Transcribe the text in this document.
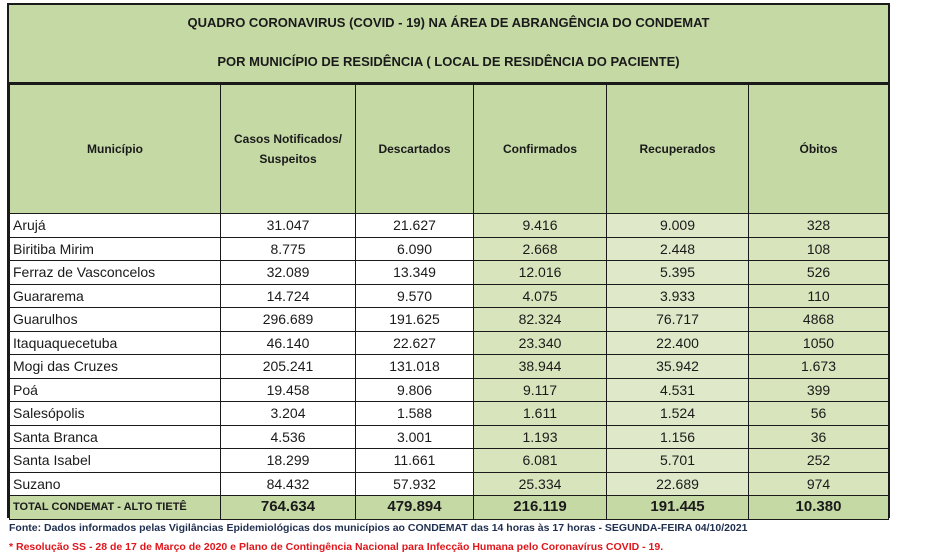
QUADRO CORONAVIRUS (COVID - 19) NA ÁREA DE ABRANGÊNCIA DO CONDEMAT
POR MUNICÍPIO DE RESIDÊNCIA ( LOCAL DE RESIDÊNCIA DO PACIENTE)
Município	Casos Notificados/ Suspeitos	Descartados	Confirmados	Recuperados	Óbitos
Arujá	31.047	21.627	9.416	9.009	328
Biritiba Mirim	8.775	6.090	2.668	2.448	108
Ferraz de Vasconcelos	32.089	13.349	12.016	5.395	526
Guararema	14.724	9.570	4.075	3.933	110
Guarulhos	296.689	191.625	82.324	76.717	4868
Itaquaquecetuba	46.140	22.627	23.340	22.400	1050
Mogi das Cruzes	205.241	131.018	38.944	35.942	1.673
Poá	19.458	9.806	9.117	4.531	399
Salesópolis	3.204	1.588	1.611	1.524	56
Santa Branca	4.536	3.001	1.193	1.156	36
Santa Isabel	18.299	11.661	6.081	5.701	252
Suzano	84.432	57.932	25.334	22.689	974
TOTAL CONDEMAT - ALTO TIETÊ	764.634	479.894	216.119	191.445	10.380
Fonte: Dados informados pelas Vigilâncias Epidemiológicas dos municípios ao CONDEMAT das 14 horas às 17 horas - SEGUNDA-FEIRA 04/10/2021
* Resolução SS - 28 de 17 de Março de 2020 e Plano de Contingência Nacional para Infecção Humana pelo Coronavírus COVID - 19.
